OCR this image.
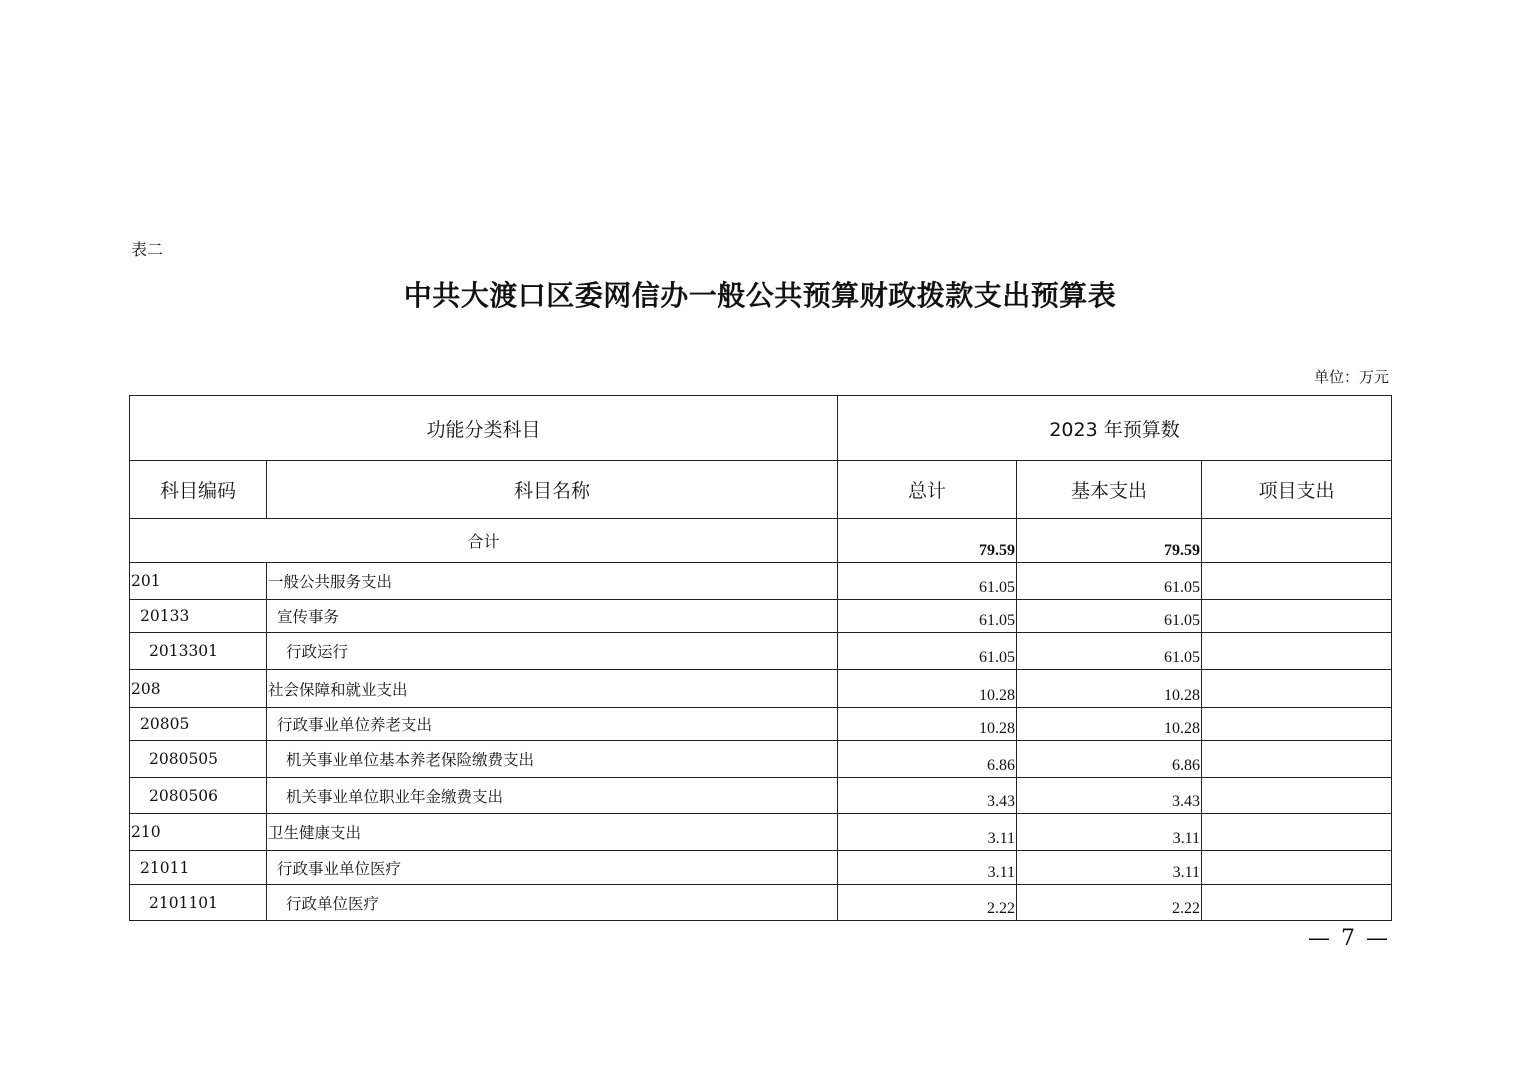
表二
中共大渡口区委网信办一般公共预算财政拨款支出预算表
单位：万元
功能分类科目		2023 年预算数		
科目编码	科目名称	总计	基本支出	项目支出
合计		79.59	79.59	
201	一般公共服务支出	61.05	61.05	
20133	宣传事务	61.05	61.05	
2013301	行政运行	61.05	61.05	
208	社会保障和就业支出	10.28	10.28	
20805	行政事业单位养老支出	10.28	10.28	
2080505	机关事业单位基本养老保险缴费支出	6.86	6.86	
2080506	机关事业单位职业年金缴费支出	3.43	3.43	
210	卫生健康支出	3.11	3.11	
21011	行政事业单位医疗	3.11	3.11	
2101101	行政单位医疗	2.22	2.22	
— 7 —
